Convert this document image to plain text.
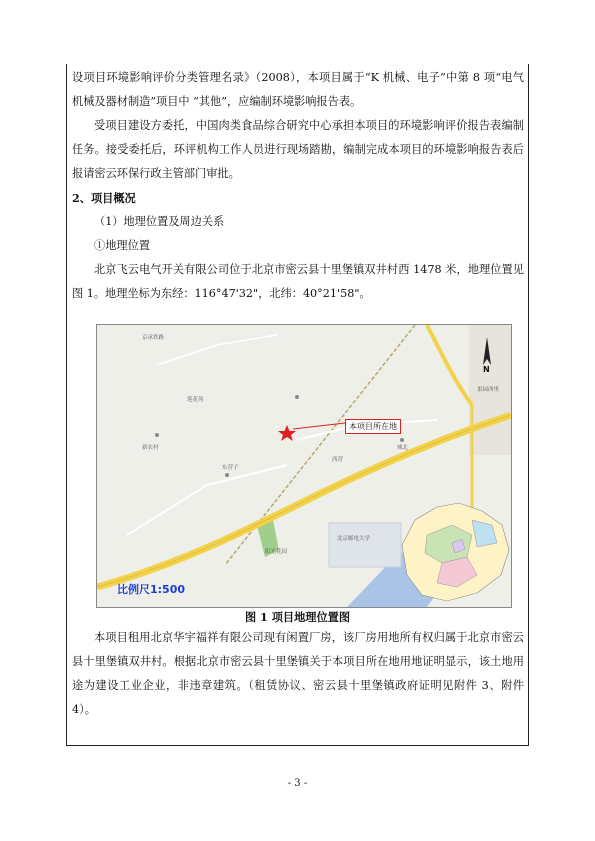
设项目环境影响评价分类管理名录》（2008），本项目属于“K 机械、电子”中第 8 项“电气机械及器材制造”项目中 “其他”，应编制环境影响报告表。

受项目建设方委托，中国肉类食品综合研究中心承担本项目的环境影响评价报告表编制任务。接受委托后，环评机构工作人员进行现场踏勘，编制完成本项目的环境影响报告表后报请密云环保行政主管部门审批。

2、项目概况

（1）地理位置及周边关系

①地理位置

北京飞云电气开关有限公司位于北京市密云县十里堡镇双井村西 1478 米，地理位置见图 1。地理坐标为东经：116°47'32"，北纬：40°21'58"。

京承铁路
新农村
东营子
西营
城北
果园西里
莲花苑
北京邮电大学
阳光花园
N
本项目所在地
比例尺1:500
图 1 项目地理位置图

本项目租用北京华宇福祥有限公司现有闲置厂房，该厂房用地所有权归属于北京市密云县十里堡镇双井村。根据北京市密云县十里堡镇关于本项目所在地用地证明显示，该土地用途为建设工业企业，非违章建筑。（租赁协议、密云县十里堡镇政府证明见附件 3、附件 4）。

- 3 -
